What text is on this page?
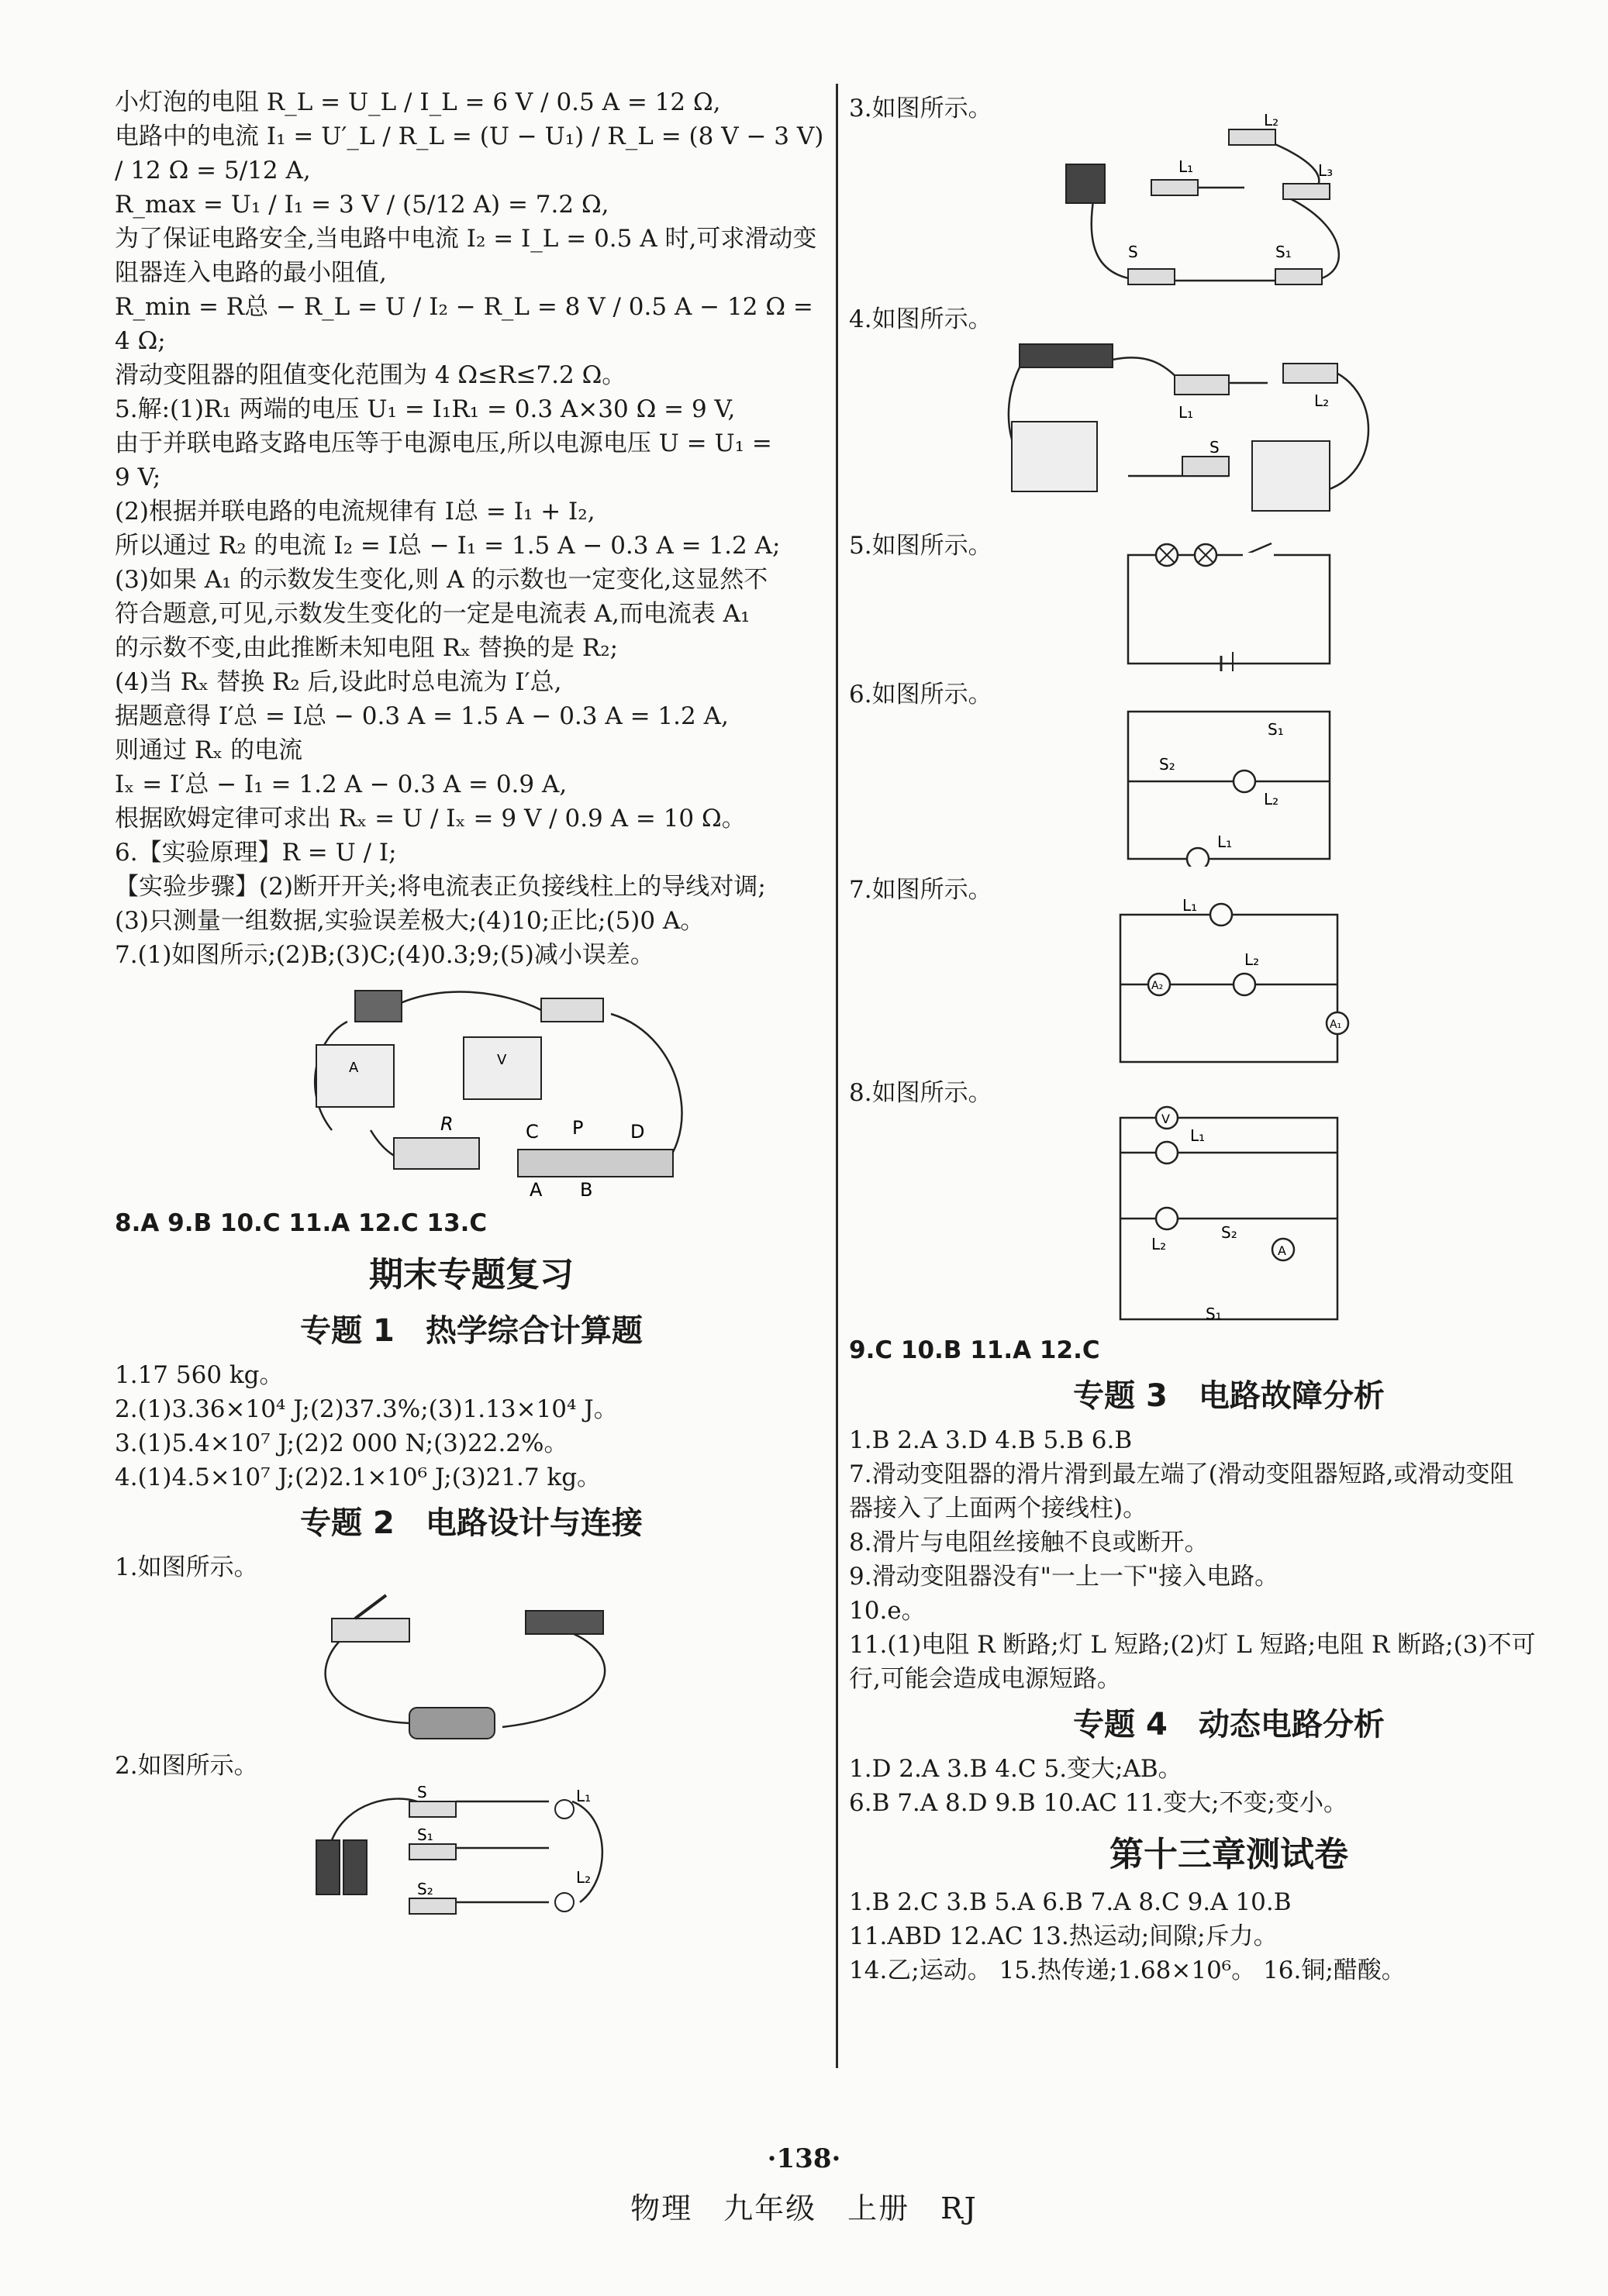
小灯泡的电阻 R_L = U_L / I_L = 6 V / 0.5 A = 12 Ω,
电路中的电流 I₁ = U′_L / R_L = (U − U₁) / R_L = (8 V − 3 V) / 12 Ω = 5/12 A,
R_max = U₁ / I₁ = 3 V / (5/12 A) = 7.2 Ω,
为了保证电路安全,当电路中电流 I₂ = I_L = 0.5 A 时,可求滑动变
阻器连入电路的最小阻值,
R_min = R总 − R_L = U / I₂ − R_L = 8 V / 0.5 A − 12 Ω = 4 Ω;
滑动变阻器的阻值变化范围为 4 Ω≤R≤7.2 Ω。
5.解:(1)R₁ 两端的电压 U₁ = I₁R₁ = 0.3 A×30 Ω = 9 V,
由于并联电路支路电压等于电源电压,所以电源电压 U = U₁ =
9 V;
(2)根据并联电路的电流规律有 I总 = I₁ + I₂,
所以通过 R₂ 的电流 I₂ = I总 − I₁ = 1.5 A − 0.3 A = 1.2 A;
(3)如果 A₁ 的示数发生变化,则 A 的示数也一定变化,这显然不
符合题意,可见,示数发生变化的一定是电流表 A,而电流表 A₁
的示数不变,由此推断未知电阻 Rₓ 替换的是 R₂;
(4)当 Rₓ 替换 R₂ 后,设此时总电流为 I′总,
据题意得 I′总 = I总 − 0.3 A = 1.5 A − 0.3 A = 1.2 A,
则通过 Rₓ 的电流
Iₓ = I′总 − I₁ = 1.2 A − 0.3 A = 0.9 A,
根据欧姆定律可求出 Rₓ = U / Iₓ = 9 V / 0.9 A = 10 Ω。
6.【实验原理】R = U / I;
【实验步骤】(2)断开开关;将电流表正负接线柱上的导线对调;
(3)只测量一组数据,实验误差极大;(4)10;正比;(5)0 A。
7.(1)如图所示;(2)B;(3)C;(4)0.3;9;(5)减小误差。
A	V
R	C P	D
A B
8.A 9.B 10.C 11.A 12.C 13.C
期末专题复习
专题 1　热学综合计算题
1.17 560 kg。
2.(1)3.36×10⁴ J;(2)37.3%;(3)1.13×10⁴ J。
3.(1)5.4×10⁷ J;(2)2 000 N;(3)22.2%。
4.(1)4.5×10⁷ J;(2)2.1×10⁶ J;(3)21.7 kg。
专题 2　电路设计与连接
1.如图所示。
2.如图所示。
S
S₁
S₂
L₁
L₂
3.如图所示。
L₁
L₂
L₃
S	S₁
4.如图所示。
L₁
L₂
S
5.如图所示。
6.如图所示。
S₁
S₂
L₂
L₁
7.如图所示。
L₁
A₂
L₂
A₁
8.如图所示。
V
L₁
L₂
S₂
A
S₁
9.C 10.B 11.A 12.C
专题 3　电路故障分析
1.B 2.A 3.D 4.B 5.B 6.B
7.滑动变阻器的滑片滑到最左端了(滑动变阻器短路,或滑动变阻
器接入了上面两个接线柱)。
8.滑片与电阻丝接触不良或断开。
9.滑动变阻器没有"一上一下"接入电路。
10.e。
11.(1)电阻 R 断路;灯 L 短路;(2)灯 L 短路;电阻 R 断路;(3)不可
行,可能会造成电源短路。
专题 4　动态电路分析
1.D 2.A 3.B 4.C 5.变大;AB。
6.B 7.A 8.D 9.B 10.AC 11.变大;不变;变小。
第十三章测试卷
1.B 2.C 3.B 5.A 6.B 7.A 8.C 9.A 10.B
11.ABD 12.AC 13.热运动;间隙;斥力。
14.乙;运动。 15.热传递;1.68×10⁶。 16.铜;醋酸。
·138·
物理　九年级　上册　RJ
